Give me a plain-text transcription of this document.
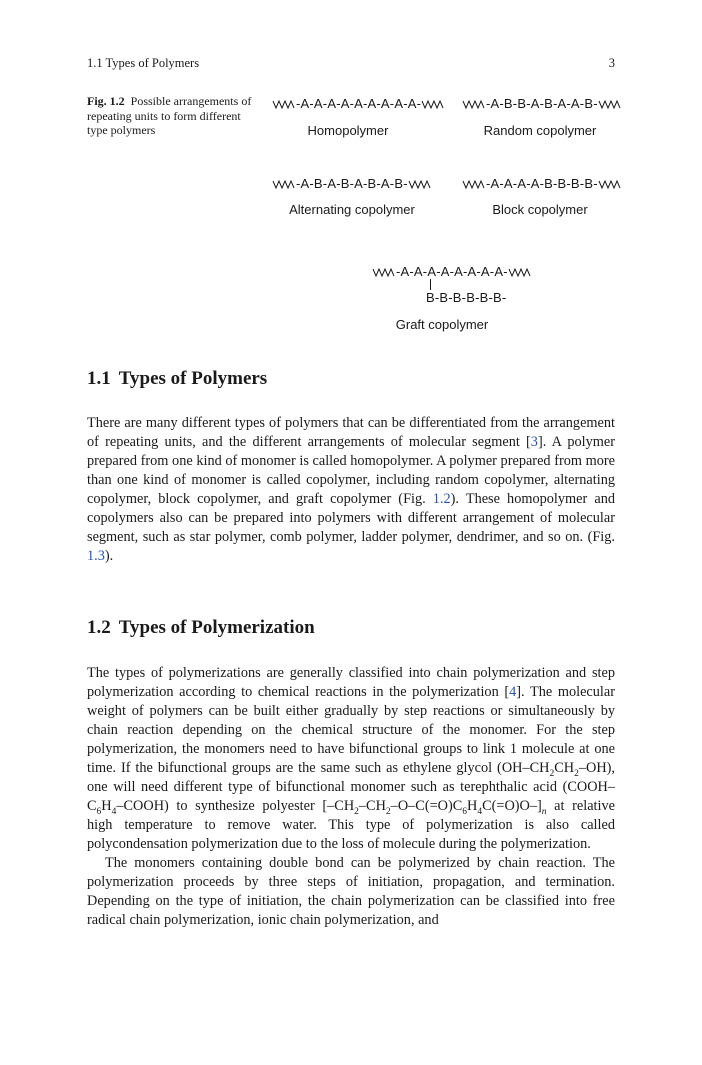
1.1 Types of Polymers	3
Fig. 1.2 Possible arrangements of repeating units to form different type polymers
-A-A-A-A-A-A-A-A-A-
Homopolymer
-A-B-B-A-B-A-A-B-
Random copolymer
-A-B-A-B-A-B-A-B-
Alternating copolymer
-A-A-A-A-B-B-B-B-
Block copolymer
-A-A-A-A-A-A-A-A-
B-B-B-B-B-B-
Graft copolymer
1.1 Types of Polymers

There are many different types of polymers that can be differentiated from the arrangement of repeating units, and the different arrangements of molecular segment [3]. A polymer prepared from one kind of monomer is called homopolymer. A polymer prepared from more than one kind of monomer is called copolymer, including random copolymer, alternating copolymer, block copolymer, and graft copolymer (Fig. 1.2). These homopolymer and copolymers also can be prepared into polymers with different arrangement of molecular segment, such as star polymer, comb polymer, ladder polymer, dendrimer, and so on. (Fig. 1.3).

1.2 Types of Polymerization

The types of polymerizations are generally classified into chain polymerization and step polymerization according to chemical reactions in the polymerization [4]. The molecular weight of polymers can be built either gradually by step reactions or simultaneously by chain reaction depending on the chemical structure of the monomer. For the step polymerization, the monomers need to have bifunctional groups to link 1 molecule at one time. If the bifunctional groups are the same such as ethylene glycol $(OH-CH_2CH_2-OH)$, one will need different type of bifunctional monomer such as terephthalic acid $(COOH-C_6H_4-COOH)$ to synthesize polyester $[-CH_2-CH_2-O-C(=O)C_6H_4C(=O)O-]_n$ at relative high temperature to remove water. This type of polymerization is also called polycondensation polymerization due to the loss of molecule during the polymerization.
The monomers containing double bond can be polymerized by chain reaction. The polymerization proceeds by three steps of initiation, propagation, and termination. Depending on the type of initiation, the chain polymerization can be classified into free radical chain polymerization, ionic chain polymerization, and
